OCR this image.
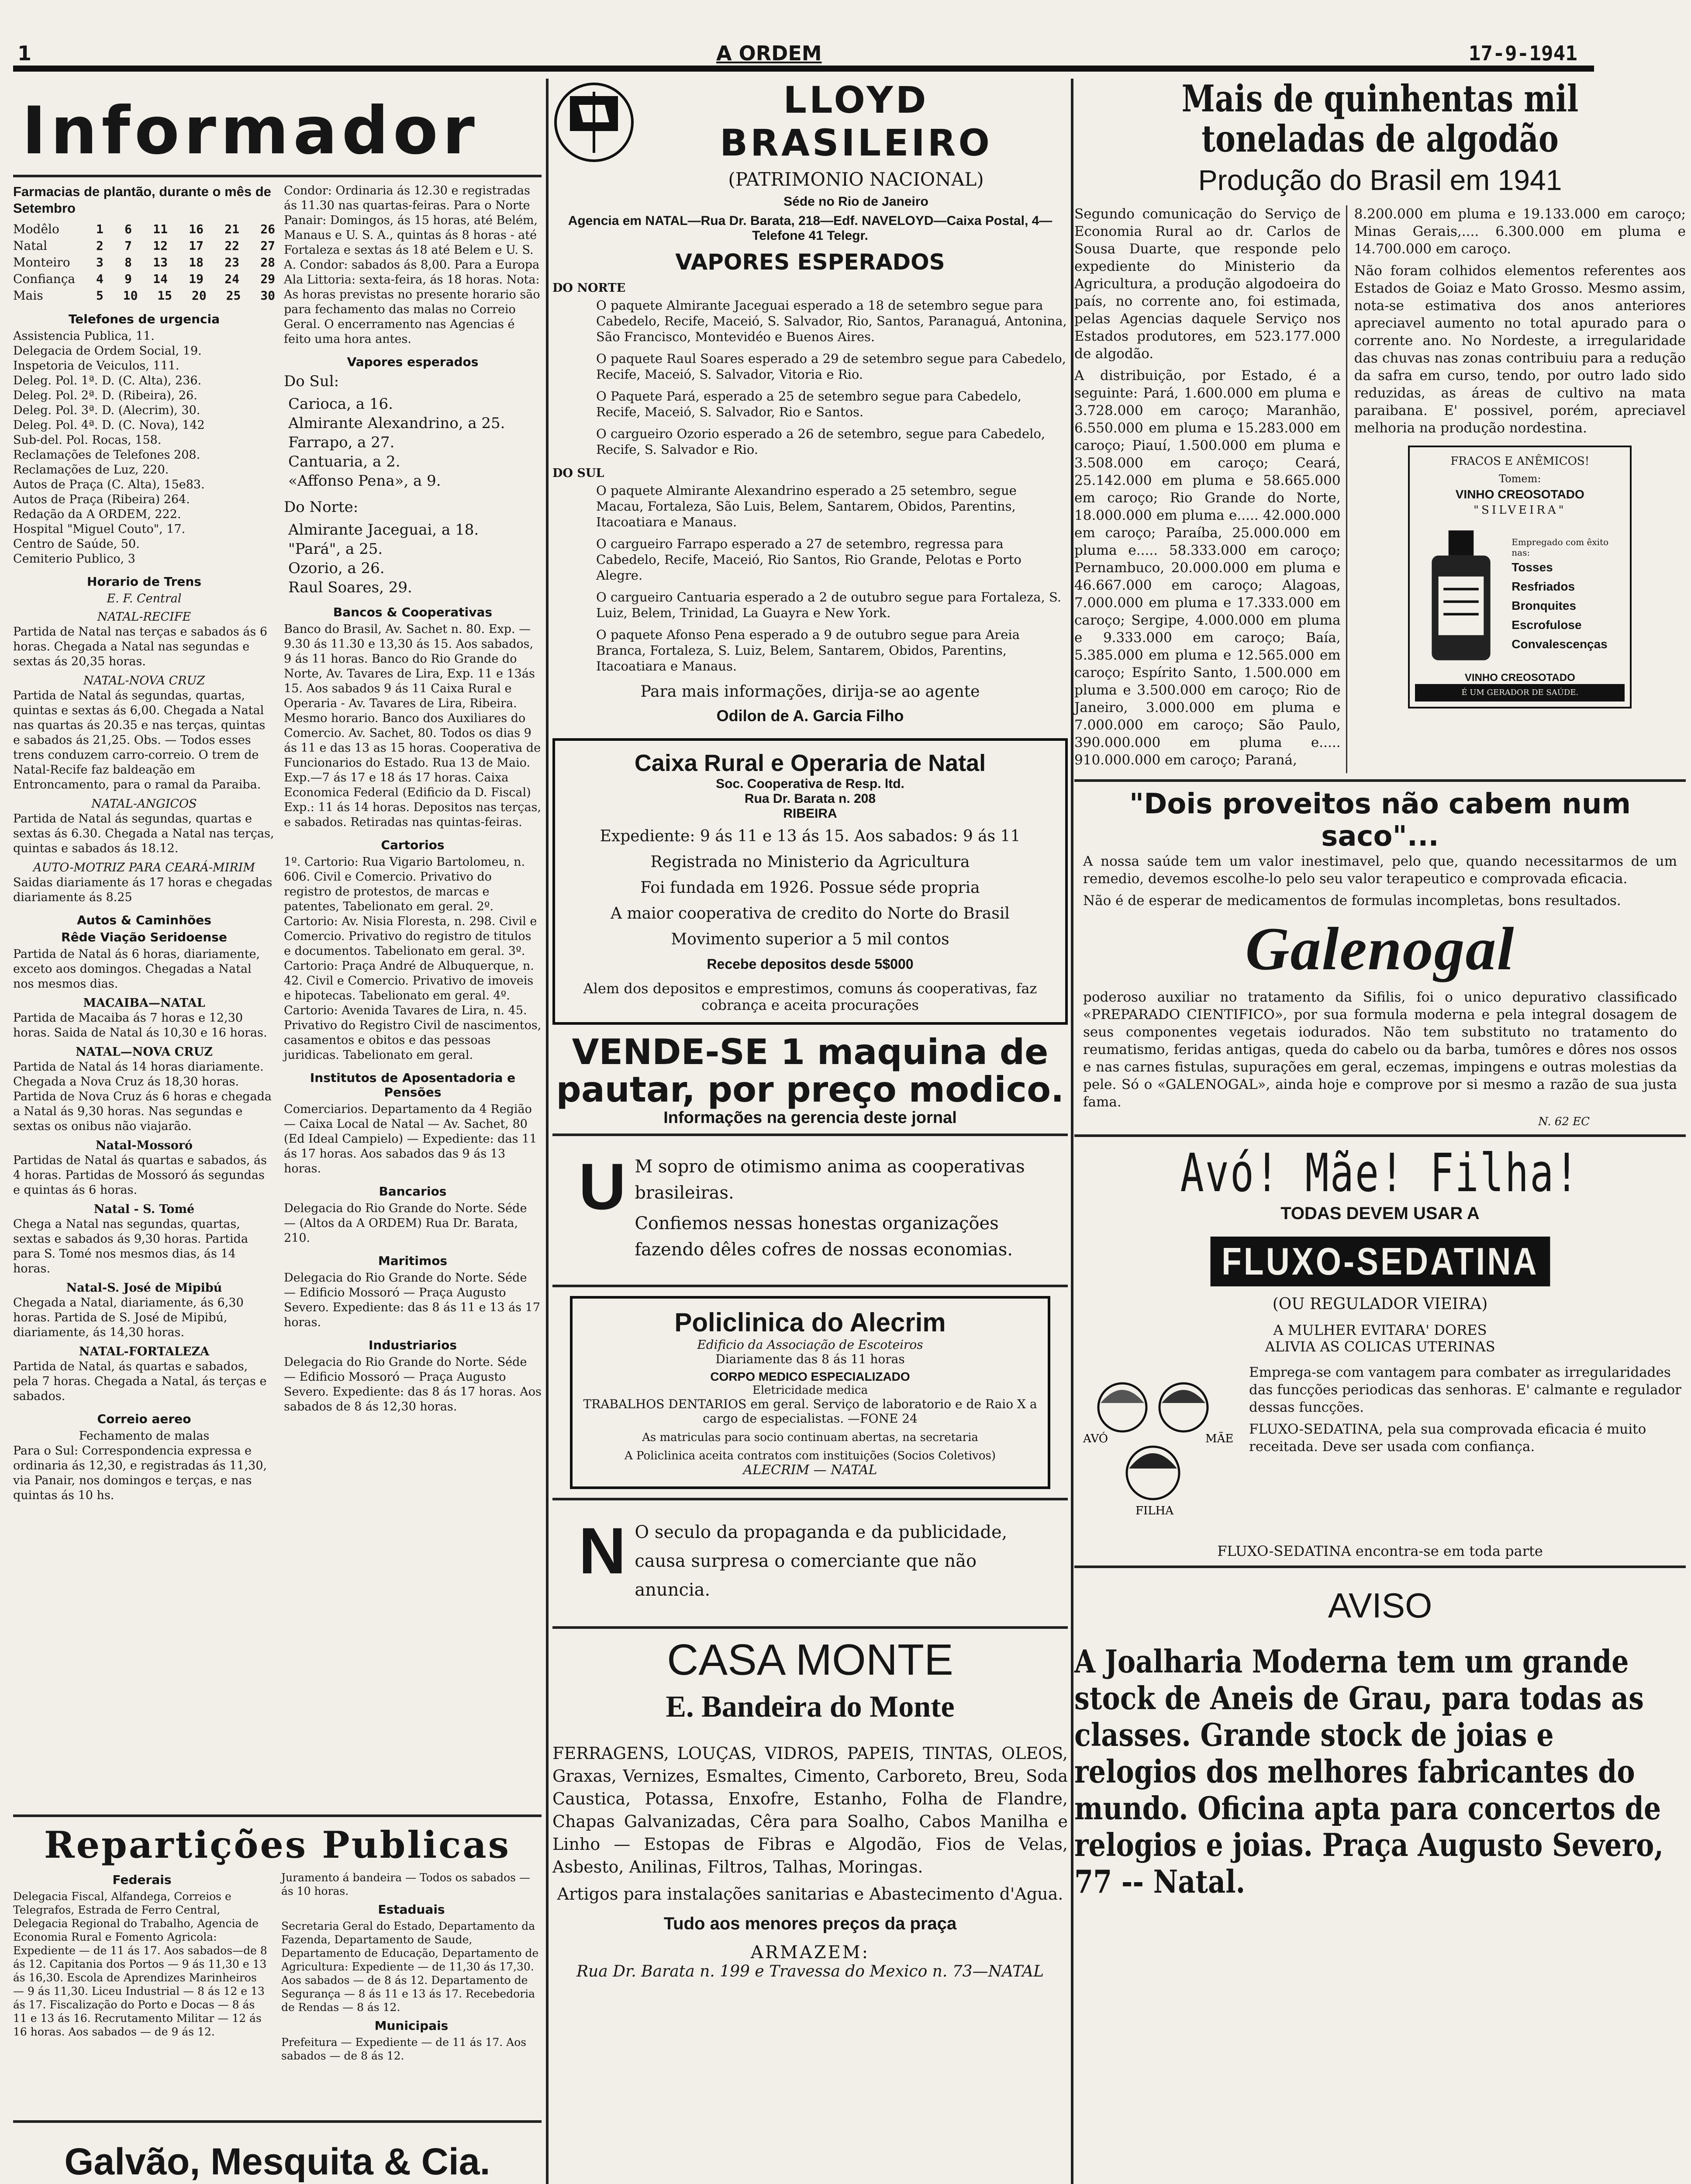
1	A ORDEM	17-9-1941
Informador
Farmacias de plantão, durante o mês de Setembro
Modêlo	1 6 11 16 21 26
Natal	2 7 12 17 22 27
Monteiro	3 8 13 18 23 28
Confiança	4 9 14 19 24 29
Mais	5 10 15 20 25 30
Telefones de urgencia
Assistencia Publica, 11.
Delegacia de Ordem Social, 19.
Inspetoria de Veiculos, 111.
Deleg. Pol. 1ª. D. (C. Alta), 236.
Deleg. Pol. 2ª. D. (Ribeira), 26.
Deleg. Pol. 3ª. D. (Alecrim), 30.
Deleg. Pol. 4ª. D. (C. Nova), 142
Sub-del. Pol. Rocas, 158.
Reclamações de Telefones 208.
Reclamações de Luz, 220.
Autos de Praça (C. Alta), 15e83.
Autos de Praça (Ribeira) 264.
Redação da A ORDEM, 222.
Hospital "Miguel Couto", 17.
Centro de Saúde, 50.
Cemiterio Publico, 3
Horario de Trens
E. F. Central
NATAL-RECIFE

Partida de Natal nas terças e sabados ás 6 horas. Chegada a Natal nas segundas e sextas ás 20,35 horas.

NATAL-NOVA CRUZ

Partida de Natal ás segundas, quartas, quintas e sextas ás 6,00. Chegada a Natal nas quartas ás 20.35 e nas terças, quintas e sabados ás 21,25. Obs. — Todos esses trens conduzem carro-correio. O trem de Natal-Recife faz baldeação em Entroncamento, para o ramal da Paraiba.

NATAL-ANGICOS

Partida de Natal ás segundas, quartas e sextas ás 6.30. Chegada a Natal nas terças, quintas e sabados ás 18.12.

AUTO-MOTRIZ PARA CEARÁ-MIRIM

Saidas diariamente ás 17 horas e chegadas diariamente ás 8.25

Autos & Caminhões
Rêde Viação Seridoense

Partida de Natal ás 6 horas, diariamente, exceto aos domingos. Chegadas a Natal nos mesmos dias.

MACAIBA—NATAL

Partida de Macaiba ás 7 horas e 12,30 horas. Saida de Natal ás 10,30 e 16 horas.

NATAL—NOVA CRUZ

Partida de Natal ás 14 horas diariamente. Chegada a Nova Cruz ás 18,30 horas. Partida de Nova Cruz ás 6 horas e chegada a Natal ás 9,30 horas. Nas segundas e sextas os onibus não viajarão.

Natal-Mossoró

Partidas de Natal ás quartas e sabados, ás 4 horas. Partidas de Mossoró ás segundas e quintas ás 6 horas.

Natal - S. Tomé

Chega a Natal nas segundas, quartas, sextas e sabados ás 9,30 horas. Partida para S. Tomé nos mesmos dias, ás 14 horas.

Natal-S. José de Mipibú

Chegada a Natal, diariamente, ás 6,30 horas. Partida de S. José de Mipibú, diariamente, ás 14,30 horas.

NATAL-FORTALEZA

Partida de Natal, ás quartas e sabados, pela 7 horas. Chegada a Natal, ás terças e sabados.

Correio aereo
Fechamento de malas

Para o Sul: Correspondencia expressa e ordinaria ás 12,30, e registradas ás 11,30, via Panair, nos domingos e terças, e nas quintas ás 10 hs.

Condor: Ordinaria ás 12.30 e registradas ás 11.30 nas quartas-feiras. Para o Norte Panair: Domingos, ás 15 horas, até Belém, Manaus e U. S. A., quintas ás 8 horas - até Fortaleza e sextas ás 18 até Belem e U. S. A. Condor: sabados ás 8,00. Para a Europa Ala Littoria: sexta-feira, ás 18 horas. Nota: As horas previstas no presente horario são para fechamento das malas no Correio Geral. O encerramento nas Agencias é feito uma hora antes.

Vapores esperados
Do Sul:
Carioca, a 16.
Almirante Alexandrino, a 25.
Farrapo, a 27.
Cantuaria, a 2.
«Affonso Pena», a 9.
Do Norte:
Almirante Jaceguai, a 18.
"Pará", a 25.
Ozorio, a 26.
Raul Soares, 29.
Bancos & Cooperativas

Banco do Brasil, Av. Sachet n. 80. Exp. — 9.30 ás 11.30 e 13,30 ás 15. Aos sabados, 9 ás 11 horas. Banco do Rio Grande do Norte, Av. Tavares de Lira, Exp. 11 e 13ás 15. Aos sabados 9 ás 11 Caixa Rural e Operaria - Av. Tavares de Lira, Ribeira. Mesmo horario. Banco dos Auxiliares do Comercio. Av. Sachet, 80. Todos os dias 9 ás 11 e das 13 as 15 horas. Cooperativa de Funcionarios do Estado. Rua 13 de Maio. Exp.—7 ás 17 e 18 ás 17 horas. Caixa Economica Federal (Edificio da D. Fiscal) Exp.: 11 ás 14 horas. Depositos nas terças, e sabados. Retiradas nas quintas-feiras.

Cartorios

1º. Cartorio: Rua Vigario Bartolomeu, n. 606. Civil e Comercio. Privativo do registro de protestos, de marcas e patentes, Tabelionato em geral. 2º. Cartorio: Av. Nisia Floresta, n. 298. Civil e Comercio. Privativo do registro de titulos e documentos. Tabelionato em geral. 3º. Cartorio: Praça André de Albuquerque, n. 42. Civil e Comercio. Privativo de imoveis e hipotecas. Tabelionato em geral. 4º. Cartorio: Avenida Tavares de Lira, n. 45. Privativo do Registro Civil de nascimentos, casamentos e obitos e das pessoas juridicas. Tabelionato em geral.

Institutos de Aposentadoria e Pensões

Comerciarios. Departamento da 4 Região — Caixa Local de Natal — Av. Sachet, 80 (Ed Ideal Campielo) — Expediente: das 11 ás 17 horas. Aos sabados das 9 ás 13 horas.

Bancarios

Delegacia do Rio Grande do Norte. Séde — (Altos da A ORDEM) Rua Dr. Barata, 210.

Maritimos

Delegacia do Rio Grande do Norte. Séde — Edificio Mossoró — Praça Augusto Severo. Expediente: das 8 ás 11 e 13 ás 17 horas.

Industriarios

Delegacia do Rio Grande do Norte. Séde — Edificio Mossoró — Praça Augusto Severo. Expediente: das 8 ás 17 horas. Aos sabados de 8 ás 12,30 horas.

Repartições Publicas
Federais

Delegacia Fiscal, Alfandega, Correios e Telegrafos, Estrada de Ferro Central, Delegacia Regional do Trabalho, Agencia de Economia Rural e Fomento Agricola: Expediente — de 11 ás 17. Aos sabados—de 8 ás 12. Capitania dos Portos — 9 ás 11,30 e 13 ás 16,30. Escola de Aprendizes Marinheiros — 9 ás 11,30. Liceu Industrial — 8 ás 12 e 13 ás 17. Fiscalização do Porto e Docas — 8 ás 11 e 13 ás 16. Recrutamento Militar — 12 ás 16 horas. Aos sabados — de 9 ás 12.

Juramento á bandeira — Todos os sabados — ás 10 horas.

Estaduais

Secretaria Geral do Estado, Departamento da Fazenda, Departamento de Saude, Departamento de Educação, Departamento de Agricultura: Expediente — de 11,30 ás 17,30. Aos sabados — de 8 ás 12. Departamento de Segurança — 8 ás 11 e 13 ás 17. Recebedoria de Rendas — 8 ás 12.

Municipais

Prefeitura — Expediente — de 11 ás 17. Aos sabados — de 8 ás 12.

Galvão, Mesquita & Cia.

LLOYD BRASILEIRO
(PATRIMONIO NACIONAL)
Séde no Rio de Janeiro
Agencia em NATAL—Rua Dr. Barata, 218—Edf. NAVELOYD—Caixa Postal, 4—Telefone 41 Telegr.
VAPORES ESPERADOS
DO NORTE

O paquete Almirante Jaceguai esperado a 18 de setembro segue para Cabedelo, Recife, Maceió, S. Salvador, Rio, Santos, Paranaguá, Antonina, São Francisco, Montevidéo e Buenos Aires.

O paquete Raul Soares esperado a 29 de setembro segue para Cabedelo, Recife, Maceió, S. Salvador, Vitoria e Rio.

O Paquete Pará, esperado a 25 de setembro segue para Cabedelo, Recife, Maceió, S. Salvador, Rio e Santos.

O cargueiro Ozorio esperado a 26 de setembro, segue para Cabedelo, Recife, S. Salvador e Rio.

DO SUL

O paquete Almirante Alexandrino esperado a 25 setembro, segue Macau, Fortaleza, São Luis, Belem, Santarem, Obidos, Parentins, Itacoatiara e Manaus.

O cargueiro Farrapo esperado a 27 de setembro, regressa para Cabedelo, Recife, Maceió, Rio Santos, Rio Grande, Pelotas e Porto Alegre.

O cargueiro Cantuaria esperado a 2 de outubro segue para Fortaleza, S. Luiz, Belem, Trinidad, La Guayra e New York.

O paquete Afonso Pena esperado a 9 de outubro segue para Areia Branca, Fortaleza, S. Luiz, Belem, Santarem, Obidos, Parentins, Itacoatiara e Manaus.

Para mais informações, dirija-se ao agente
Odilon de A. Garcia Filho
Caixa Rural e Operaria de Natal
Soc. Cooperativa de Resp. ltd.
Rua Dr. Barata n. 208
RIBEIRA
Expediente: 9 ás 11 e 13 ás 15. Aos sabados: 9 ás 11
Registrada no Ministerio da Agricultura
Foi fundada em 1926. Possue séde propria
A maior cooperativa de credito do Norte do Brasil
Movimento superior a 5 mil contos
Recebe depositos desde 5$000
Alem dos depositos e emprestimos, comuns ás cooperativas, faz cobrança e aceita procurações
VENDE-SE 1 maquina de pautar, por preço modico.
Informações na gerencia deste jornal
U M sopro de otimismo anima as cooperativas brasileiras.

Confiemos nessas honestas organizações fazendo dêles cofres de nossas economias.

Policlinica do Alecrim
Edificio da Associação de Escoteiros
Diariamente das 8 ás 11 horas
CORPO MEDICO ESPECIALIZADO
Eletricidade medica
TRABALHOS DENTARIOS em geral. Serviço de laboratorio e de Raio X a cargo de especialistas. —FONE 24
As matriculas para socio continuam abertas, na secretaria
A Policlinica aceita contratos com instituições (Socios Coletivos)
ALECRIM — NATAL
N O seculo da propaganda e da publicidade, causa surpresa o comerciante que não anuncia.

CASA MONTE
E. Bandeira do Monte

FERRAGENS, LOUÇAS, VIDROS, PAPEIS, TINTAS, OLEOS, Graxas, Vernizes, Esmaltes, Cimento, Carboreto, Breu, Soda Caustica, Potassa, Enxofre, Estanho, Folha de Flandre, Chapas Galvanizadas, Cêra para Soalho, Cabos Manilha e Linho — Estopas de Fibras e Algodão, Fios de Velas, Asbesto, Anilinas, Filtros, Talhas, Moringas.

Artigos para instalações sanitarias e Abastecimento d'Agua.

Tudo aos menores preços da praça
ARMAZEM:
Rua Dr. Barata n. 199 e Travessa do Mexico n. 73—NATAL
Mais de quinhentas mil toneladas de algodão
Produção do Brasil em 1941

Segundo comunicação do Serviço de Economia Rural ao dr. Carlos de Sousa Duarte, que responde pelo expediente do Ministerio da Agricultura, a produção algodoeira do país, no corrente ano, foi estimada, pelas Agencias daquele Serviço nos Estados produtores, em 523.177.000 de algodão.

A distribuição, por Estado, é a seguinte: Pará, 1.600.000 em pluma e 3.728.000 em caroço; Maranhão, 6.550.000 em pluma e 15.283.000 em caroço; Piauí, 1.500.000 em pluma e 3.508.000 em caroço; Ceará, 25.142.000 em pluma e 58.665.000 em caroço; Rio Grande do Norte, 18.000.000 em pluma e..... 42.000.000 em caroço; Paraíba, 25.000.000 em pluma e..... 58.333.000 em caroço; Pernambuco, 20.000.000 em pluma e 46.667.000 em caroço; Alagoas, 7.000.000 em pluma e 17.333.000 em caroço; Sergipe, 4.000.000 em pluma e 9.333.000 em caroço; Baía, 5.385.000 em pluma e 12.565.000 em caroço; Espírito Santo, 1.500.000 em pluma e 3.500.000 em caroço; Rio de Janeiro, 3.000.000 em pluma e 7.000.000 em caroço; São Paulo, 390.000.000 em pluma e..... 910.000.000 em caroço; Paraná,

8.200.000 em pluma e 19.133.000 em caroço; Minas Gerais,.... 6.300.000 em pluma e 14.700.000 em caroço.

Não foram colhidos elementos referentes aos Estados de Goiaz e Mato Grosso. Mesmo assim, nota-se estimativa dos anos anteriores apreciavel aumento no total apurado para o corrente ano. No Nordeste, a irregularidade das chuvas nas zonas contribuiu para a redução da safra em curso, tendo, por outro lado sido reduzidas, as áreas de cultivo na mata paraibana. E' possivel, porém, apreciavel melhoria na produção nordestina.

FRACOS E ANÊMICOS!
Tomem:
VINHO CREOSOTADO
"SILVEIRA"
Empregado com êxito nas:
Tosses
Resfriados
Bronquites
Escrofulose
Convalescenças
VINHO CREOSOTADO
É UM GERADOR DE SAÚDE.
"Dois proveitos não cabem num saco"...

A nossa saúde tem um valor inestimavel, pelo que, quando necessitarmos de um remedio, devemos escolhe-lo pelo seu valor terapeutico e comprovada eficacia.

Não é de esperar de medicamentos de formulas incompletas, bons resultados.

Galenogal

poderoso auxiliar no tratamento da Sifilis, foi o unico depurativo classificado «PREPARADO CIENTIFICO», por sua formula moderna e pela integral dosagem de seus componentes vegetais iodurados. Não tem substituto no tratamento do reumatismo, feridas antigas, queda do cabelo ou da barba, tumôres e dôres nos ossos e nas carnes fistulas, supurações em geral, eczemas, impingens e outras molestias da pele. Só o «GALENOGAL», ainda hoje e comprove por si mesmo a razão de sua justa fama.

N. 62 EC
Avó! Mãe! Filha!
TODAS DEVEM USAR A
FLUXO-SEDATINA
(OU REGULADOR VIEIRA)
A MULHER EVITARA' DORES
ALIVIA AS COLICAS UTERINAS
AVÓ	MÃE
FILHA

Emprega-se com vantagem para combater as irregularidades das funcções periodicas das senhoras. E' calmante e regulador dessas funcções.

FLUXO-SEDATINA, pela sua comprovada eficacia é muito receitada. Deve ser usada com confiança.

FLUXO-SEDATINA encontra-se em toda parte
AVISO

A Joalharia Moderna tem um grande stock de Aneis de Grau, para todas as classes. Grande stock de joias e relogios dos melhores fabricantes do mundo. Oficina apta para concertos de relogios e joias. Praça Augusto Severo, 77 -- Natal.
